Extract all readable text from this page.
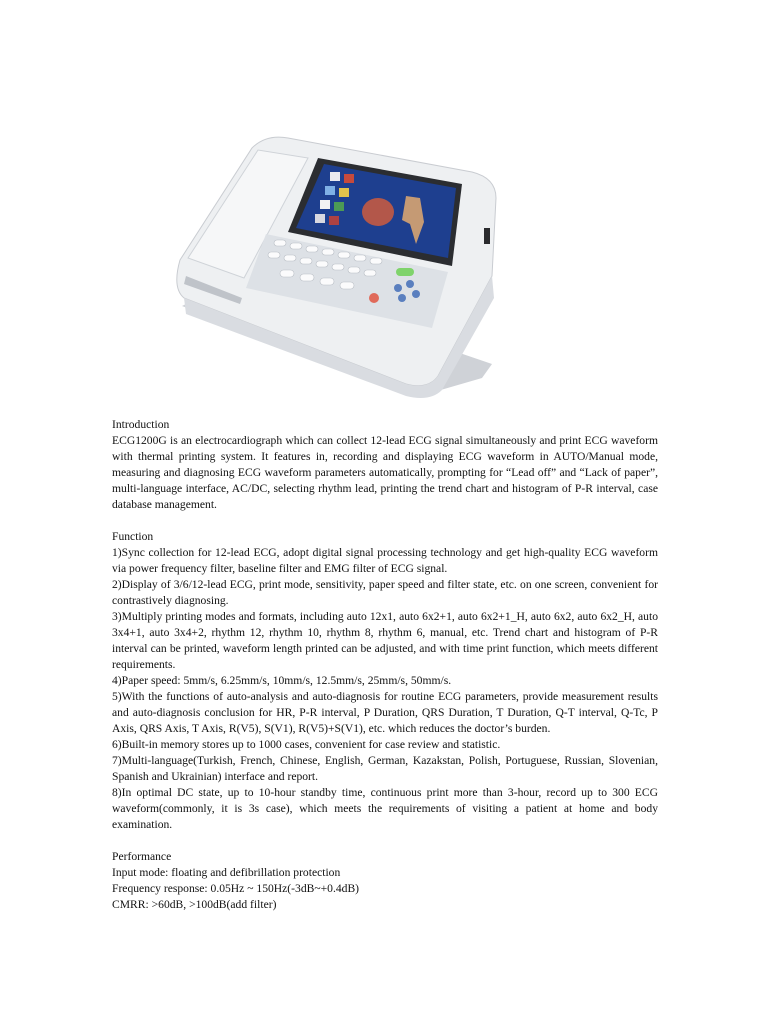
Introduction

ECG1200G is an electrocardiograph which can collect 12-lead ECG signal simultaneously and print ECG waveform with thermal printing system. It features in, recording and displaying ECG waveform in AUTO/Manual mode, measuring and diagnosing ECG waveform parameters automatically, prompting for “Lead off” and “Lack of paper”, multi-language interface, AC/DC, selecting rhythm lead, printing the trend chart and histogram of P-R interval, case database management.

Function

1)Sync collection for 12-lead ECG, adopt digital signal processing technology and get high-quality ECG waveform via power frequency filter, baseline filter and EMG filter of ECG signal.

2)Display of 3/6/12-lead ECG, print mode, sensitivity, paper speed and filter state, etc. on one screen, convenient for contrastively diagnosing.

3)Multiply printing modes and formats, including auto 12x1, auto 6x2+1, auto 6x2+1_H, auto 6x2, auto 6x2_H, auto 3x4+1, auto 3x4+2, rhythm 12, rhythm 10, rhythm 8, rhythm 6, manual, etc. Trend chart and histogram of P-R interval can be printed, waveform length printed can be adjusted, and with time print function, which meets different requirements.

4)Paper speed: 5mm/s, 6.25mm/s, 10mm/s, 12.5mm/s, 25mm/s, 50mm/s.

5)With the functions of auto-analysis and auto-diagnosis for routine ECG parameters, provide measurement results and auto-diagnosis conclusion for HR, P-R interval, P Duration, QRS Duration, T Duration, Q-T interval, Q-Tc, P Axis, QRS Axis, T Axis, R(V5), S(V1), R(V5)+S(V1), etc. which reduces the doctor’s burden.

6)Built-in memory stores up to 1000 cases, convenient for case review and statistic.

7)Multi-language(Turkish, French, Chinese, English, German, Kazakstan, Polish, Portuguese, Russian, Slovenian, Spanish and Ukrainian) interface and report.

8)In optimal DC state, up to 10-hour standby time, continuous print more than 3-hour, record up to 300 ECG waveform(commonly, it is 3s case), which meets the requirements of visiting a patient at home and body examination.

Performance

Input mode: floating and defibrillation protection

Frequency response: 0.05Hz ~ 150Hz(-3dB~+0.4dB)

CMRR: >60dB, >100dB(add filter)
